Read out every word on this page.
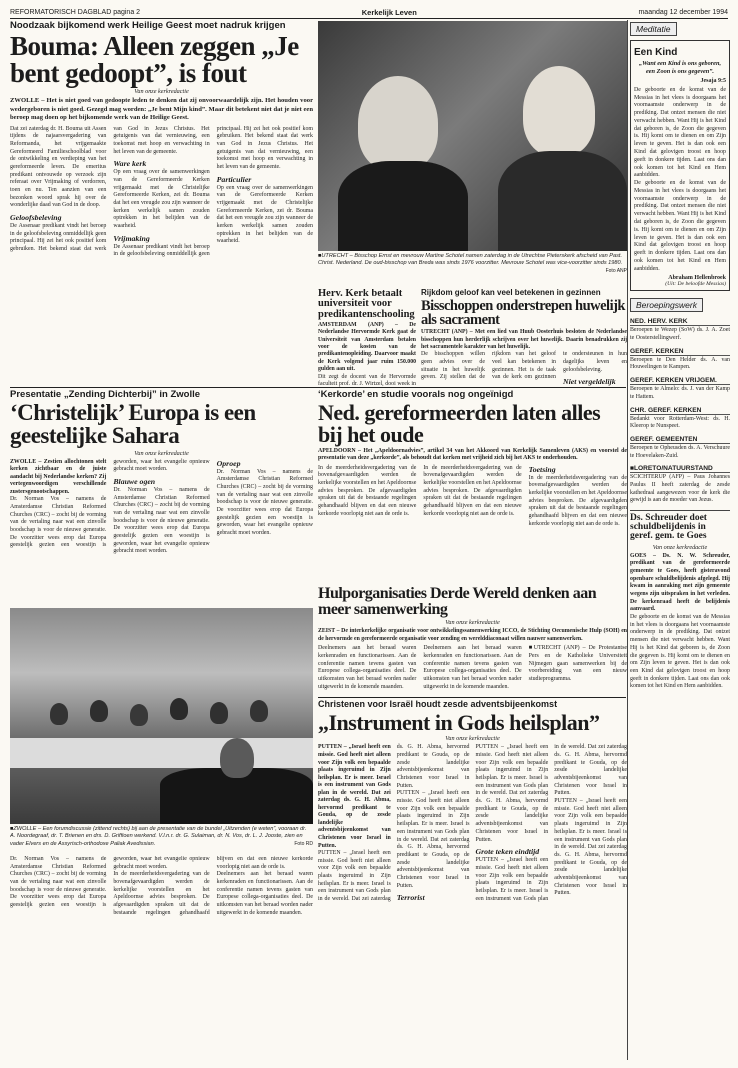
REFORMATORISCH DAGBLAD pagina 2	Kerkelijk Leven	maandag 12 december 1994
Noodzaak bijkomend werk Heilige Geest moet nadruk krijgen
Bouma: Alleen zeggen „Je bent gedoopt”, is fout
Van onze kerkredactie
ZWOLLE – Het is niet goed van gedoopte leden te denken dat zij onvoorwaardelijk zijn. Het houden voor wedergeboren is niet goed. Gezegd mag worden: „Je bent Mijn kind”. Maar dit betekent niet dat je niet een beroep mag doen op het bijkomende werk van de Heilige Geest.

Dat zei zaterdag dr. H. Bouma uit Assen tijdens de najaarsvergadering van Reformanda, het vrijgemaakte Gereformeerd Familieschoolblad voor de ontwikkeling en verdieping van het gereformeerde leven. De emeritus predikant ontvouwde op verzoek zijn referaat over Vrijmaking of verdorren, toen en nu. Ten aanzien van een bezonken woord sprak hij over de wonderlijke daad van God in de doop.

Geloofsbeleving

De Assenaar predikant vindt het beroep in de geloofsbeleving onmiddellijk geen principaal. Hij zei het ook positief kom gebruiken. Het bekend staat dat werk van God in Jezus Christus. Het getuigenis van dat vernieuwing, een toekomst met hoop en verwachting in het leven van de gemeente.

Ware kerk

Op een vraag over de samenwerkingen van de Gereformeerde Kerken vrijgemaakt met de Christelijke Gereformeerde Kerken, zei dr. Bouma dat het een vreugde zou zijn wanneer de kerken werkelijk samen zouden optrekken in het belijden van de waarheid.

Vrijmaking

De Assenaar predikant vindt het beroep in de geloofsbeleving onmiddellijk geen principaal. Hij zei het ook positief kom gebruiken. Het bekend staat dat werk van God in Jezus Christus. Het getuigenis van dat vernieuwing, een toekomst met hoop en verwachting in het leven van de gemeente.

Particulier

Op een vraag over de samenwerkingen van de Gereformeerde Kerken vrijgemaakt met de Christelijke Gereformeerde Kerken, zei dr. Bouma dat het een vreugde zou zijn wanneer de kerken werkelijk samen zouden optrekken in het belijden van de waarheid.

■ UTRECHT – Bisschop Ernst en mevrouw Martine Schotel namen zaterdag in de Utrechtse Pieterskerk afscheid van Past. Christ. Nederland. De oud-bisschop van Breda was sinds 1976 voorzitter. Mevrouw Schotel was vice-voorzitter sinds 1980.
Foto ANP
Herv. Kerk betaalt universiteit voor predikantenschooling

AMSTERDAM (ANP) – De Nederlandse Hervormde Kerk gaat de Universiteit van Amsterdam betalen voor de kosten van de predikantenopleiding. Daarvoor maakt de Kerk volgend jaar ruim 150.000 gulden aan uit.

Dit zegt de docent van de Hervormde faculteit prof. dr. J. Wirtzel, dooi week in

Rijkdom geloof kan veel betekenen in gezinnen
Bisschoppen onderstrepen huwelijk als sacrament

UTRECHT (ANP) – Met een lied van Huub Oosterhuis besloten de Nederlandse bisschoppen hun herderlijk schrijven over het huwelijk. Daarin benadrukken zij het sacramentele karakter van het huwelijk.

De bisschoppen willen geen advies over de situatie in het huwelijk geven. Zij stellen dat de rijkdom van het geloof veel kan betekenen in gezinnen. Het is de taak van de kerk om gezinnen te ondersteunen in hun dagelijks leven en geloofsbeleving.

Niet vergeldelijk
Presentatie „Zending Dichterbij” in Zwolle
‘Christelijk’ Europa is een geestelijke Sahara
Van onze kerkredactie

ZWOLLE – Zestien allochtonen stelt kerken zichtbaar en de juiste aandacht bij Nederlandse kerken? Zij vertegenwoordigen verschillende zustersgenootschappen.

Dr. Norman Vos – namens de Amsterdamse Christian Reformed Churches (CRC) – zocht bij de vorming van de vertaling naar wat een zinvolle boodschap is voor de nieuwe generatie. De voorzitter wees erop dat Europa geestelijk gezien een woestijn is geworden, waar het evangelie opnieuw gebracht moet worden.

Blauwe ogen

Dr. Norman Vos – namens de Amsterdamse Christian Reformed Churches (CRC) – zocht bij de vorming van de vertaling naar wat een zinvolle boodschap is voor de nieuwe generatie. De voorzitter wees erop dat Europa geestelijk gezien een woestijn is geworden, waar het evangelie opnieuw gebracht moet worden.

Oproep

Dr. Norman Vos – namens de Amsterdamse Christian Reformed Churches (CRC) – zocht bij de vorming van de vertaling naar wat een zinvolle boodschap is voor de nieuwe generatie. De voorzitter wees erop dat Europa geestelijk gezien een woestijn is geworden, waar het evangelie opnieuw gebracht moet worden.

‘Kerkorde’ en studie voorals nog ongeïnigd
Ned. gereformeerden laten alles bij het oude

APELDOORN – Het „Apeldoornadvies”, artikel 34 van het Akkoord van Kerkelijk Samenleven (AKS) en voorstel de presentatie van deze „kerkorde”, als behoudt dat kerken met vrijheid zich bij het AKS te onderhouden.

In de meerderheidsvergadering van de bovenafgevaardigden werden de kerkelijke voorstellen en het Apeldoornse advies besproken. De afgevaardigden spraken uit dat de bestaande regelingen gehandhaafd blijven en dat een nieuwe kerkorde voorlopig niet aan de orde is.

In de meerderheidsvergadering van de bovenafgevaardigden werden de kerkelijke voorstellen en het Apeldoornse advies besproken. De afgevaardigden spraken uit dat de bestaande regelingen gehandhaafd blijven en dat een nieuwe kerkorde voorlopig niet aan de orde is.

Toetsing

In de meerderheidsvergadering van de bovenafgevaardigden werden de kerkelijke voorstellen en het Apeldoornse advies besproken. De afgevaardigden spraken uit dat de bestaande regelingen gehandhaafd blijven en dat een nieuwe kerkorde voorlopig niet aan de orde is.

Hulporganisaties Derde Wereld denken aan meer samenwerking
Van onze kerkredactie

ZEIST – De interkerkelijke organisatie voor ontwikkelingssamenwerking ICCO, de Stichting Oecumenische Hulp (SOH) en de hervormde en gereformeerde organisatie voor zending en werelddiaconaat willen nauwer samenwerken.

Deelnemers aan het beraad waren kerkenraden en functionarissen. Aan de conferentie namen tevens gasten van Europese collega-organisaties deel. De uitkomsten van het beraad worden nader uitgewerkt in de komende maanden.

Deelnemers aan het beraad waren kerkenraden en functionarissen. Aan de conferentie namen tevens gasten van Europese collega-organisaties deel. De uitkomsten van het beraad worden nader uitgewerkt in de komende maanden.

■ UTRECHT (ANP) – De Protestantse Pers en de Katholieke Universiteit Nijmegen gaan samenwerken bij de voorbereiding van een nieuw studieprogramma.

■ ZWOLLE – Een forumdiscussie (zittend rechts) bij aan de presentatie van de bundel „Uitzenden (e weten”, vooraan dr. A. Noordegraaf, dr. T. Brienen en drs. D. Griffioen werkend. V.l.n.r. dr. G. Sulaiman, dr. N. Vos, dr. L. J. Jooste, zien en vader Elvers en de Assyrisch-orthodoxe Paliak Avedissian.	Foto RD
Christenen voor Israël houdt zesde adventsbijeenkomst
„Instrument in Gods heilsplan”
Van onze kerkredactie

PUTTEN – „Israel heeft een missie. God heeft niet alleen voor Zijn volk een bepaalde plaats ingeruimd in Zijn heilsplan. Er is meer. Israel is een instrument van Gods plan in de wereld. Dat zei zaterdag ds. G. H. Abma, hervormd predikant te Gouda, op de zesde landelijke adventsbijeenkomst van Christenen voor Israel in Putten.

PUTTEN – „Israel heeft een missie. God heeft niet alleen voor Zijn volk een bepaalde plaats ingeruimd in Zijn heilsplan. Er is meer. Israel is een instrument van Gods plan in de wereld. Dat zei zaterdag ds. G. H. Abma, hervormd predikant te Gouda, op de zesde landelijke adventsbijeenkomst van Christenen voor Israel in Putten.

PUTTEN – „Israel heeft een missie. God heeft niet alleen voor Zijn volk een bepaalde plaats ingeruimd in Zijn heilsplan. Er is meer. Israel is een instrument van Gods plan in de wereld. Dat zei zaterdag ds. G. H. Abma, hervormd predikant te Gouda, op de zesde landelijke adventsbijeenkomst van Christenen voor Israel in Putten.

Terrorist

PUTTEN – „Israel heeft een missie. God heeft niet alleen voor Zijn volk een bepaalde plaats ingeruimd in Zijn heilsplan. Er is meer. Israel is een instrument van Gods plan in de wereld. Dat zei zaterdag ds. G. H. Abma, hervormd predikant te Gouda, op de zesde landelijke adventsbijeenkomst van Christenen voor Israel in Putten.

Grote teken eindtijd

PUTTEN – „Israel heeft een missie. God heeft niet alleen voor Zijn volk een bepaalde plaats ingeruimd in Zijn heilsplan. Er is meer. Israel is een instrument van Gods plan in de wereld. Dat zei zaterdag ds. G. H. Abma, hervormd predikant te Gouda, op de zesde landelijke adventsbijeenkomst van Christenen voor Israel in Putten.

PUTTEN – „Israel heeft een missie. God heeft niet alleen voor Zijn volk een bepaalde plaats ingeruimd in Zijn heilsplan. Er is meer. Israel is een instrument van Gods plan in de wereld. Dat zei zaterdag ds. G. H. Abma, hervormd predikant te Gouda, op de zesde landelijke adventsbijeenkomst van Christenen voor Israel in Putten.

Dr. Norman Vos – namens de Amsterdamse Christian Reformed Churches (CRC) – zocht bij de vorming van de vertaling naar wat een zinvolle boodschap is voor de nieuwe generatie. De voorzitter wees erop dat Europa geestelijk gezien een woestijn is geworden, waar het evangelie opnieuw gebracht moet worden.

In de meerderheidsvergadering van de bovenafgevaardigden werden de kerkelijke voorstellen en het Apeldoornse advies besproken. De afgevaardigden spraken uit dat de bestaande regelingen gehandhaafd blijven en dat een nieuwe kerkorde voorlopig niet aan de orde is.

Deelnemers aan het beraad waren kerkenraden en functionarissen. Aan de conferentie namen tevens gasten van Europese collega-organisaties deel. De uitkomsten van het beraad worden nader uitgewerkt in de komende maanden.

Meditatie
Een Kind
„Want een Kind is ons geboren, een Zoon is ons gegeven”.
Jesaja 9:5

De geboorte en de komst van de Messias in het vlees is doorgaans het voornaamste onderwerp in de prediking. Dat ontzet mensen die niet verwacht hebben. Want Hij is het Kind dat geboren is, de Zoon die gegeven is. Hij komt om te dienen en om Zijn leven te geven. Het is dan ook een Kind dat gelovigen troost en hoop geeft in donkere tijden. Laat ons dan ook komen tot het Kind en Hem aanbidden.

De geboorte en de komst van de Messias in het vlees is doorgaans het voornaamste onderwerp in de prediking. Dat ontzet mensen die niet verwacht hebben. Want Hij is het Kind dat geboren is, de Zoon die gegeven is. Hij komt om te dienen en om Zijn leven te geven. Het is dan ook een Kind dat gelovigen troost en hoop geeft in donkere tijden. Laat ons dan ook komen tot het Kind en Hem aanbidden.

Abraham Hellenbroek
(Uit: De beloofde Messias)
Beroepingswerk
NED. HERV. KERK
Beroepen te Wezep (SoW) ds. J. A. Zoet te Oosterstellingwerf.
GEREF. KERKEN
Beroepen te Den Helder ds. A. van Houwelingen te Kampen.
GEREF. KERKEN VRIJGEM.
Beroepen te Almelo: ds. J. van der Kamp te Hattem.
CHR. GEREF. KERKEN
Bedankt voor Rotterdam-West: ds. H. Kleerop te Nunspeet.
GEREF. GEMEENTEN
Beroepen te Opheusden ds. A. Verschuure te Hoevelaken-Zuid.
■ LORETO/NATUURSTAND
SCICHTERUP (AFP) – Paus Johannes Paulus II heeft zaterdag de zesde kathedraal aangewezen voor de kerk die gewijd is aan de moeder van Jezus.
Ds. Schreuder doet schuldbelijdenis in geref. gem. te Goes
Van onze kerkredactie

GOES – Ds. N. W. Schreuder, predikant van de gereformeerde gemeente te Goes, heeft gisteravond openbare schuldbelijdenis afgelegd. Hij kwam in aanraking met zijn gemeente wegens zijn uitspraken in het verleden. De kerkenraad heeft de belijdenis aanvaard.

De geboorte en de komst van de Messias in het vlees is doorgaans het voornaamste onderwerp in de prediking. Dat ontzet mensen die niet verwacht hebben. Want Hij is het Kind dat geboren is, de Zoon die gegeven is. Hij komt om te dienen en om Zijn leven te geven. Het is dan ook een Kind dat gelovigen troost en hoop geeft in donkere tijden. Laat ons dan ook komen tot het Kind en Hem aanbidden.
